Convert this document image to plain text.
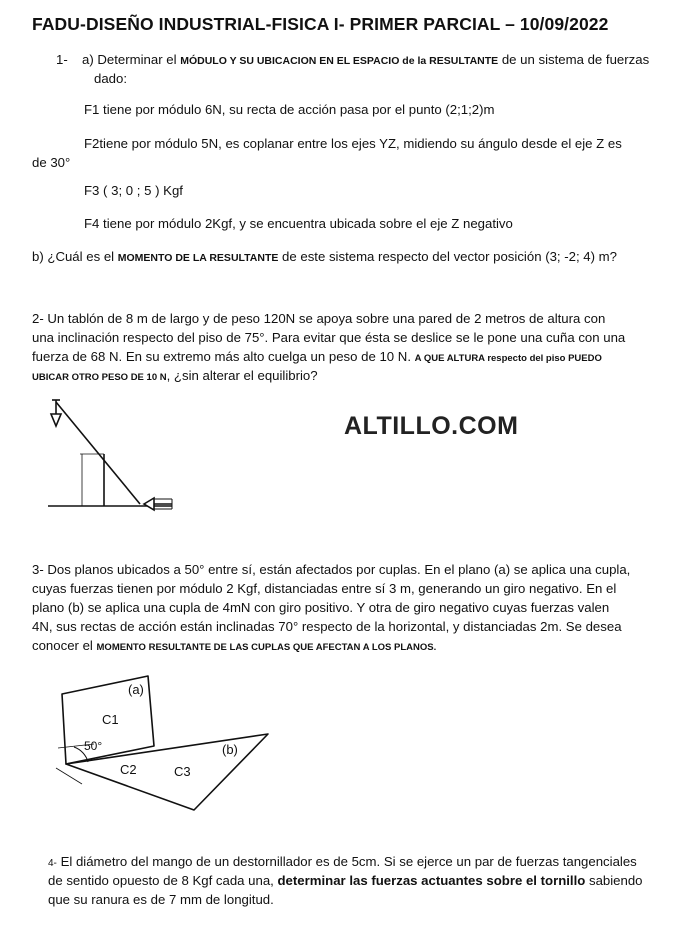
FADU-DISEÑO INDUSTRIAL-FISICA I- PRIMER PARCIAL – 10/09/2022
1- a) Determinar el MÓDULO Y SU UBICACION EN EL ESPACIO de la RESULTANTE de un sistema de fuerzas
dado:
F1 tiene por módulo 6N, su recta de acción pasa por el punto (2;1;2)m
F2tiene por módulo 5N, es coplanar entre los ejes YZ, midiendo su ángulo desde el eje Z es
de 30°
F3 ( 3; 0 ; 5 ) Kgf
F4 tiene por módulo 2Kgf, y se encuentra ubicada sobre el eje Z negativo
b) ¿Cuál es el MOMENTO DE LA RESULTANTE de este sistema respecto del vector posición (3; -2; 4) m?
2- Un tablón de 8 m de largo y de peso 120N se apoya sobre una pared de 2 metros de altura con
una inclinación respecto del piso de 75°. Para evitar que ésta se deslice se le pone una cuña con una
fuerza de 68 N. En su extremo más alto cuelga un peso de 10 N. A QUE ALTURA respecto del piso PUEDO
UBICAR OTRO PESO DE 10 N, ¿sin alterar el equilibrio?
ALTILLO.COM
3- Dos planos ubicados a 50° entre sí, están afectados por cuplas. En el plano (a) se aplica una cupla,
cuyas fuerzas tienen por módulo 2 Kgf, distanciadas entre sí 3 m, generando un giro negativo. En el
plano (b) se aplica una cupla de 4mN con giro positivo. Y otra de giro negativo cuyas fuerzas valen
4N, sus rectas de acción están inclinadas 70° respecto de la horizontal, y distanciadas 2m. Se desea
conocer el MOMENTO RESULTANTE DE LAS CUPLAS QUE AFECTAN A LOS PLANOS.
(a)
C1
50°	(b)
C2	C3
4- El diámetro del mango de un destornillador es de 5cm. Si se ejerce un par de fuerzas tangenciales
de sentido opuesto de 8 Kgf cada una, determinar las fuerzas actuantes sobre el tornillo sabiendo
que su ranura es de 7 mm de longitud.
